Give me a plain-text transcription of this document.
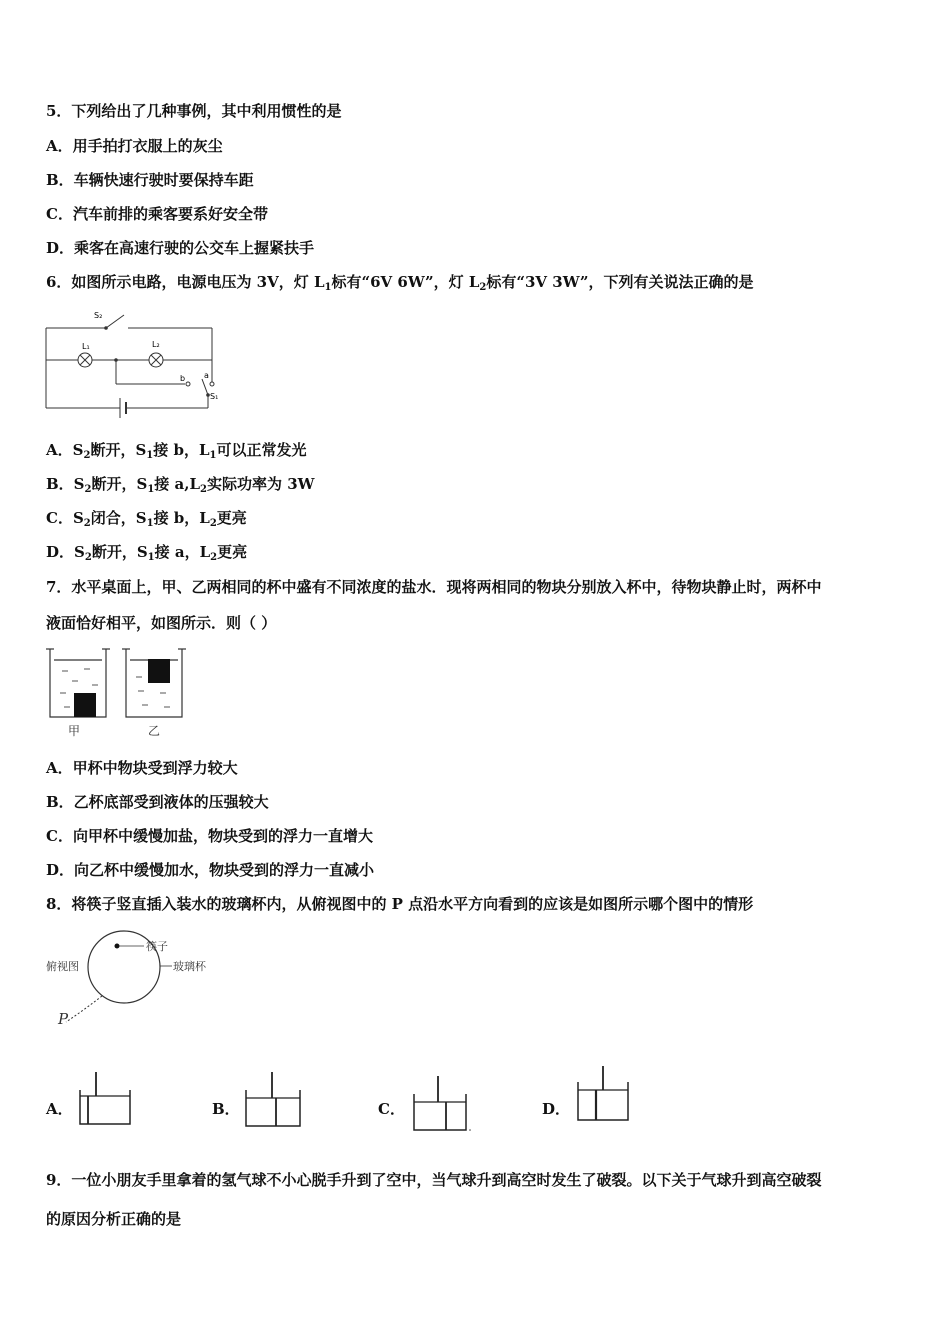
5．下列给出了几种事例，其中利用惯性的是
A．用手拍打衣服上的灰尘
B．车辆快速行驶时要保持车距
C．汽车前排的乘客要系好安全带
D．乘客在高速行驶的公交车上握紧扶手
6．如图所示电路，电源电压为 3V，灯 $L_1$标有“6V 6W”，灯 $L_2$标有“3V 3W”，下列有关说法正确的是
S₂
L₁	L₂
b a
S₁
A．$S_2$断开，$S_1$接 b，$L_1$可以正常发光
B．$S_2$断开，$S_1$接 $a,L_2$实际功率为 3W
C．$S_2$闭合，$S_1$接 b，$L_2$更亮
D．$S_2$断开，$S_1$接 a，$L_2$更亮
7．水平桌面上，甲、乙两相同的杯中盛有不同浓度的盐水．现将两相同的物块分别放入杯中，待物块静止时，两杯中
液面恰好相平，如图所示．则（ ）
甲	乙
A．甲杯中物块受到浮力较大
B．乙杯底部受到液体的压强较大
C．向甲杯中缓慢加盐，物块受到的浮力一直增大
D．向乙杯中缓慢加水，物块受到的浮力一直减小
8．将筷子竖直插入装水的玻璃杯内，从俯视图中的 P 点沿水平方向看到的应该是如图所示哪个图中的情形
俯视图
筷子
玻璃杯
P
A．	B．	C．	D．
9．一位小朋友手里拿着的氢气球不小心脱手升到了空中，当气球升到高空时发生了破裂。以下关于气球升到高空破裂
的原因分析正确的是
